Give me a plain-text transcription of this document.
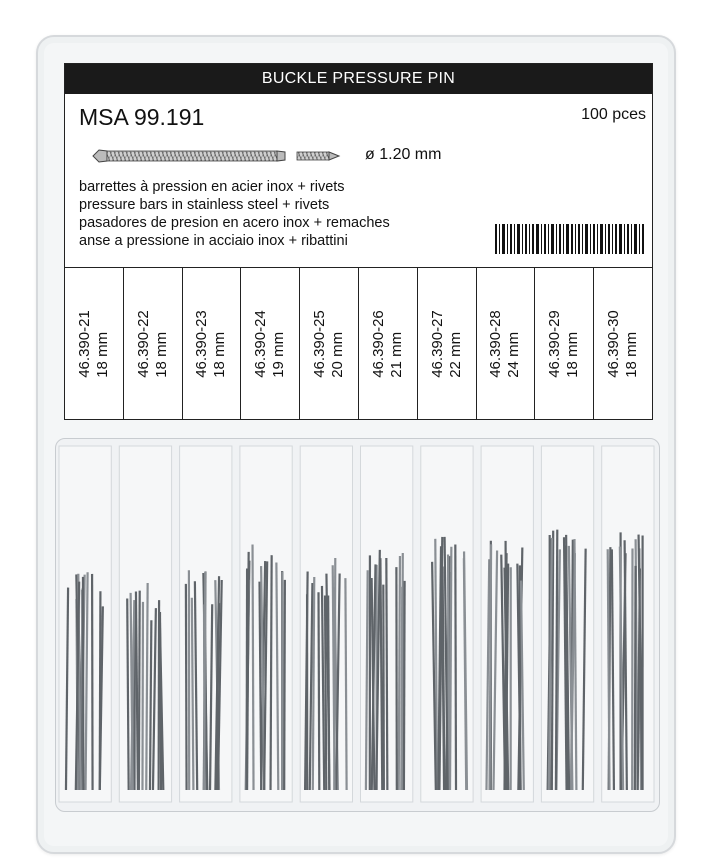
BUCKLE PRESSURE PIN
MSA 99.191	100 pces
ø 1.20 mm
barrettes à pression en acier inox + rivets
pressure bars in stainless steel + rivets
pasadores de presion en acero inox + remaches
anse a pressione in acciaio inox + ribattini
46.390-21 18 mm 46.390-22 18 mm 46.390-23 18 mm 46.390-24 19 mm 46.390-25 20 mm 46.390-26 21 mm 46.390-27 22 mm 46.390-28 24 mm 46.390-29 18 mm 46.390-30 18 mm
